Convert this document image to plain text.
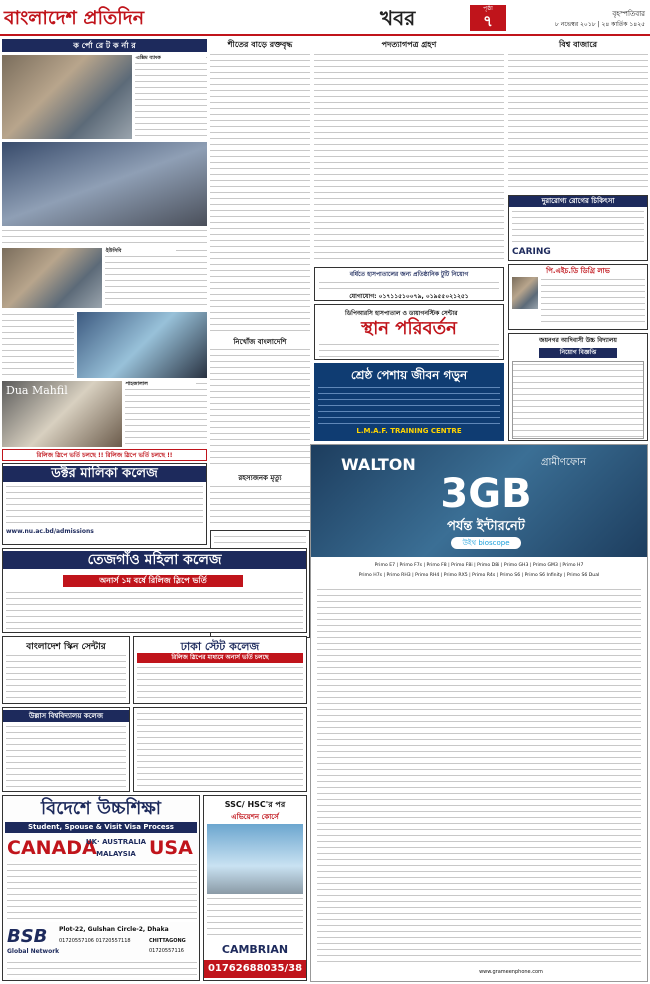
বাংলাদেশ প্রতিদিন	খবর	পৃষ্ঠা
৭	বৃহস্পতিবার
৮ নভেম্বর ২০১৮ | ২৪ কার্তিক ১৪২৫
ক র্পো রে ট ক র্না র
এক্সিম ব্যাংক
ইউসিবি
Dua Mahfil	শাহজালাল
শীতের বাড়ে রক্তবৃদ্ধ	পদত্যাগপত্র গ্রহণ	বিশ্ব বাজারে
বর্ধিতে হাসপাতালের জন্য প্রতিষ্ঠানিক টুটি নিয়োগ
যোগাযোগ: ০১৭১১৫১০০৭৯, ০১৯৫৫০২১২৫১
ডিপিআরসি হাসপাতাল ও ডায়াগনস্টিক সেন্টার
স্থান পরিবর্তন
নিখোঁজ বাংলাদেশি
শ্রেষ্ঠ পেশায় জীবন গড়ুন
L.M.A.F. TRAINING CENTRE
রহস্যজনক মৃত্যু
দুরারোগ্য রোগের চিকিৎসা
CARING
পি.এইচ.ডি ডিগ্রি লাভ
জয়নগর আদিবাসী উচ্চ বিদ্যালয়
নিয়োগ বিজ্ঞপ্তি
রিলিজ স্লিপে ভর্তি চলছে !! রিলিজ স্লিপে ভর্তি চলছে !!
ডক্টর মালিকা কলেজ
www.nu.ac.bd/admissions
তেজগাঁও মহিলা কলেজ
অনার্স ১ম বর্ষে রিলিজ স্লিপে ভর্তি
বাংলাদেশ স্কিন সেন্টার	ঢাকা স্টেট কলেজ
রিলিজ স্লিপের মাধ্যমে অনার্স ভর্তি চলছে
উল্লাস বিশ্ববিদ্যালয় কলেজ
বিদেশে উচ্চশিক্ষা
Student, Spouse & Visit Visa Process
CANADA
UK· AUSTRALIA MALAYSIA USA
BSB
Global Network
Plot-22, Gulshan Circle-2, Dhaka
01720557106 01720557118	CHITTAGONG
01720557116
SSC/ HSC'র পর
এভিয়েশন কোর্সে
CAMBRIAN
01762688035/38
WALTON	গ্রামীণফোন
3GB
পর্যন্ত ইন্টারনেট
উইথ bioscope
Primo E7 | Primo F7s | Primo F8 | Primo F8i | Primo D8i | Primo GH3 | Primo GM3 | Primo H7
Primo H7s | Primo RH3 | Primo RH4 | Primo RX5 | Primo R4s | Primo S6 | Primo S6 Infinity | Primo S6 Dual
www.grameenphone.com
